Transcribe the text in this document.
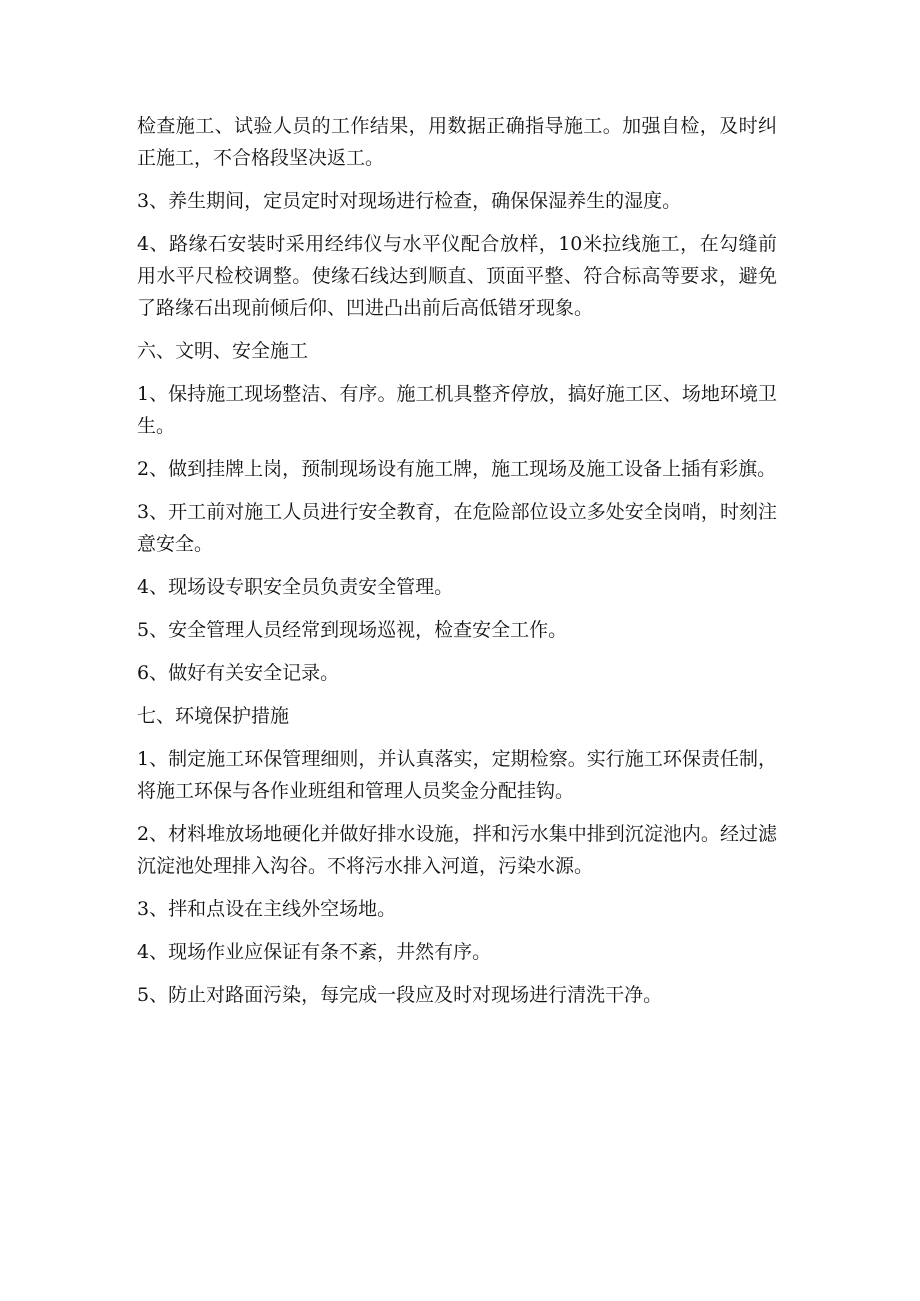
检查施工、试验人员的工作结果，用数据正确指导施工。加强自检，及时纠正施工，不合格段坚决返工。

3、养生期间，定员定时对现场进行检查，确保保湿养生的湿度。

4、路缘石安装时采用经纬仪与水平仪配合放样，10米拉线施工，在勾缝前用水平尺检校调整。使缘石线达到顺直、顶面平整、符合标高等要求，避免了路缘石出现前倾后仰、凹进凸出前后高低错牙现象。

六、文明、安全施工

1、保持施工现场整洁、有序。施工机具整齐停放，搞好施工区、场地环境卫生。

2、做到挂牌上岗，预制现场设有施工牌，施工现场及施工设备上插有彩旗。

3、开工前对施工人员进行安全教育，在危险部位设立多处安全岗哨，时刻注意安全。

4、现场设专职安全员负责安全管理。

5、安全管理人员经常到现场巡视，检查安全工作。

6、做好有关安全记录。

七、环境保护措施

1、制定施工环保管理细则，并认真落实，定期检察。实行施工环保责任制，将施工环保与各作业班组和管理人员奖金分配挂钩。

2、材料堆放场地硬化并做好排水设施，拌和污水集中排到沉淀池内。经过滤沉淀池处理排入沟谷。不将污水排入河道，污染水源。

3、拌和点设在主线外空场地。

4、现场作业应保证有条不紊，井然有序。

5、防止对路面污染，每完成一段应及时对现场进行清洗干净。
